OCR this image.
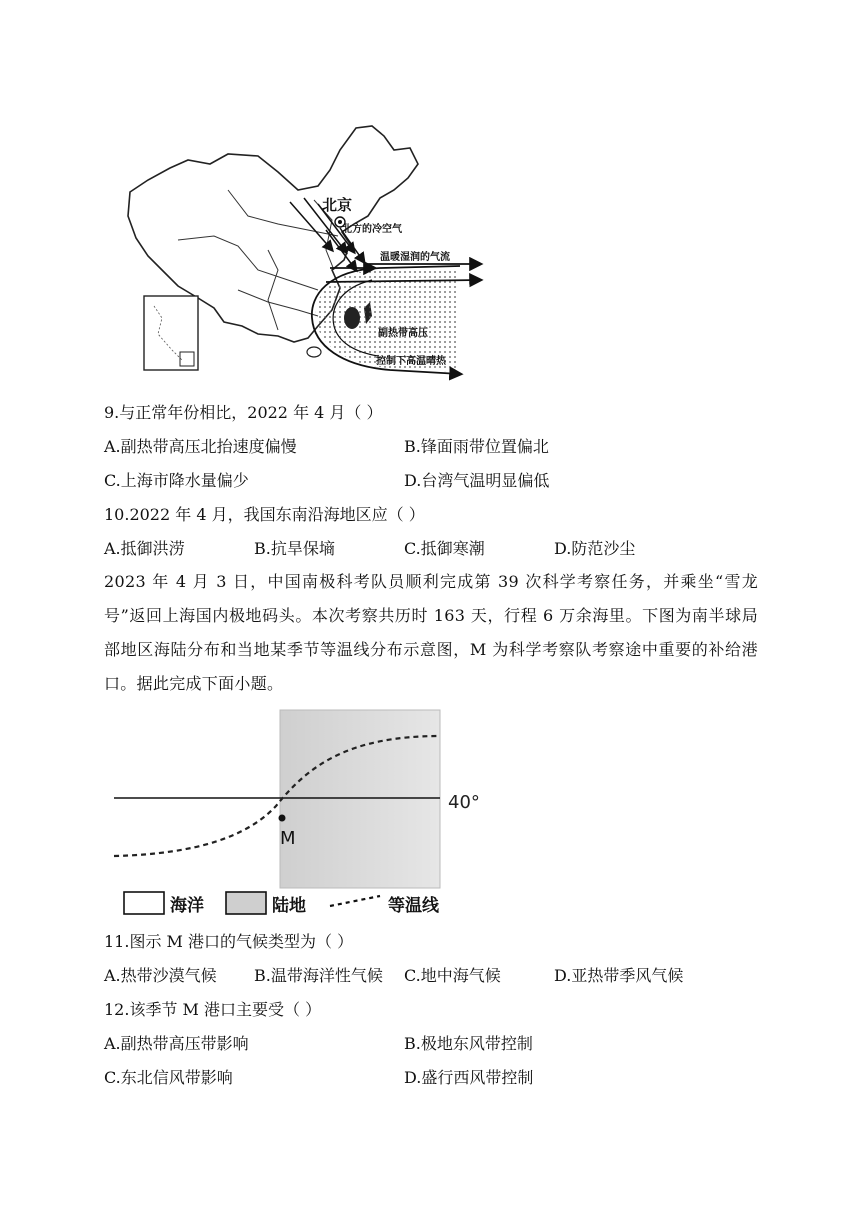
北京
北方的冷空气
温暖湿润的气流
副热带高压
控制下高温晴热
9.与正常年份相比，2022 年 4 月（ ）
A.副热带高压北抬速度偏慢	B.锋面雨带位置偏北
C.上海市降水量偏少	D.台湾气温明显偏低
10.2022 年 4 月，我国东南沿海地区应（ ）
A.抵御洪涝	B.抗旱保墒	C.抵御寒潮	D.防范沙尘
2023 年 4 月 3 日，中国南极科考队员顺利完成第 39 次科学考察任务，并乘坐“雪龙号”返回上海国内极地码头。本次考察共历时 163 天，行程 6 万余海里。下图为南半球局部地区海陆分布和当地某季节等温线分布示意图，M 为科学考察队考察途中重要的补给港口。据此完成下面小题。
40°
M
海洋	陆地	等温线
11.图示 M 港口的气候类型为（ ）
A.热带沙漠气候 B.温带海洋性气候 C.地中海气候	D.亚热带季风气候
12.该季节 M 港口主要受（ ）
A.副热带高压带影响	B.极地东风带控制
C.东北信风带影响	D.盛行西风带控制
